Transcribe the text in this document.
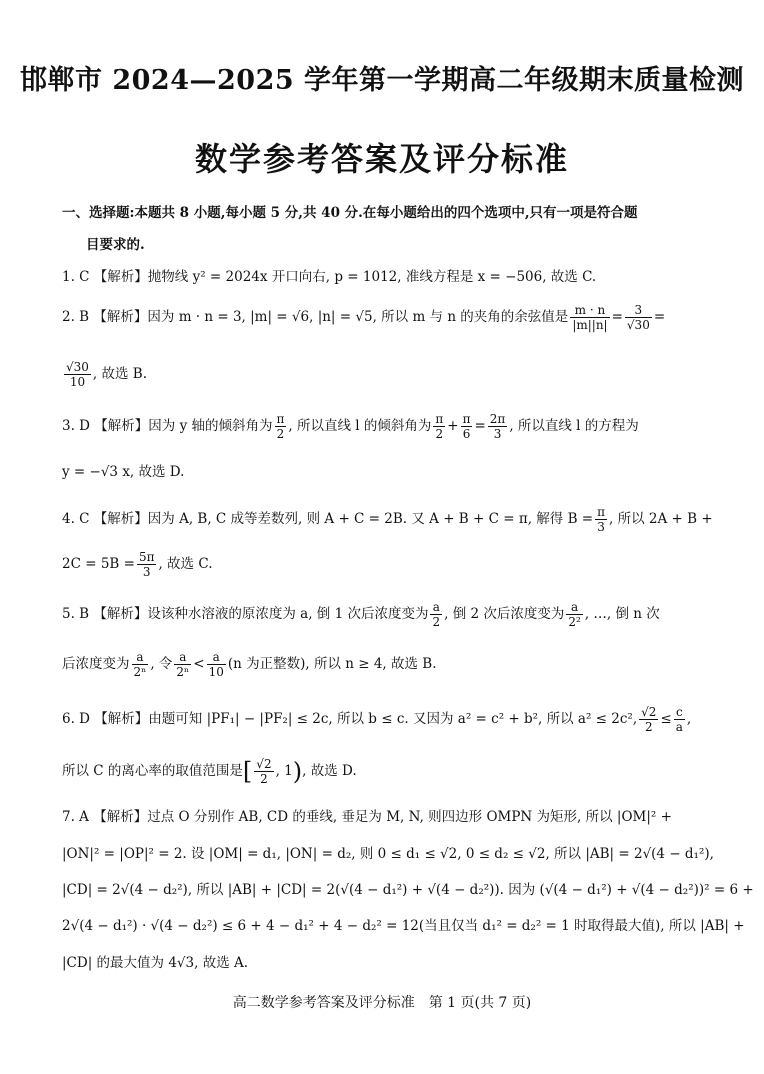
邯郸市 2024—2025 学年第一学期高二年级期末质量检测
数学参考答案及评分标准
一、选择题:本题共 8 小题,每小题 5 分,共 40 分.在每小题给出的四个选项中,只有一项是符合题
目要求的.
1. C 【解析】抛物线 y² = 2024x 开口向右, p = 1012, 准线方程是 x = −506, 故选 C.
2. B 【解析】因为 m · n = 3, |m| = √6, |n| = √5, 所以 m 与 n 的夹角的余弦值是 $\frac{m \cdot n}{|m||n|} = \frac{3}{√30}$ =
$\frac{√30}{10}$ , 故选 B.
3. D 【解析】因为 y 轴的倾斜角为 $\frac{\pi}{2}$ , 所以直线 l 的倾斜角为 $\frac{\pi}{2} + \frac{\pi}{6} = \frac{2\pi}{3}$ , 所以直线 l 的方程为
y = −√3 x, 故选 D.
4. C 【解析】因为 A, B, C 成等差数列, 则 A + C = 2B. 又 A + B + C = π, 解得 $B = \frac{\pi}{3}$ , 所以 2A + B +
$2C = 5B = \frac{5\pi}{3}$ , 故选 C.
5. B 【解析】设该种水溶液的原浓度为 a, 倒 1 次后浓度变为 $\frac{a}{2}$ , 倒 2 次后浓度变为 $\frac{a}{\text{2²}}$ , …, 倒 n 次
后浓度变为 $\frac{a}{\text{2ⁿ}}$ , 令 $\frac{a}{\text{2ⁿ}} < \frac{a}{10} (n$ 为正整数), 所以 n ≥ 4, 故选 B.
6. D 【解析】由题可知 |PF₁| − |PF₂| ≤ 2c, 所以 b ≤ c. 又因为 a² = c² + b², 所以 a² ≤ 2c², $\frac{√2}{2} \le \frac{c}{a}$ ,
所以 C 的离心率的取值范围是[ $\frac{√2}{2}$ , 1), 故选 D.
7. A 【解析】过点 O 分别作 AB, CD 的垂线, 垂足为 M, N, 则四边形 OMPN 为矩形, 所以 |OM|² +
|ON|² = |OP|² = 2. 设 |OM| = d₁, |ON| = d₂, 则 0 ≤ d₁ ≤ √2, 0 ≤ d₂ ≤ √2, 所以 |AB| = 2√(4 − d₁²),
|CD| = 2√(4 − d₂²), 所以 |AB| + |CD| = 2(√(4 − d₁²) + √(4 − d₂²)). 因为 (√(4 − d₁²) + √(4 − d₂²))² = 6 +
2√(4 − d₁²) · √(4 − d₂²) ≤ 6 + 4 − d₁² + 4 − d₂² = 12(当且仅当 d₁² = d₂² = 1 时取得最大值), 所以 |AB| +
|CD| 的最大值为 4√3, 故选 A.
高二数学参考答案及评分标准　第 1 页(共 7 页)
